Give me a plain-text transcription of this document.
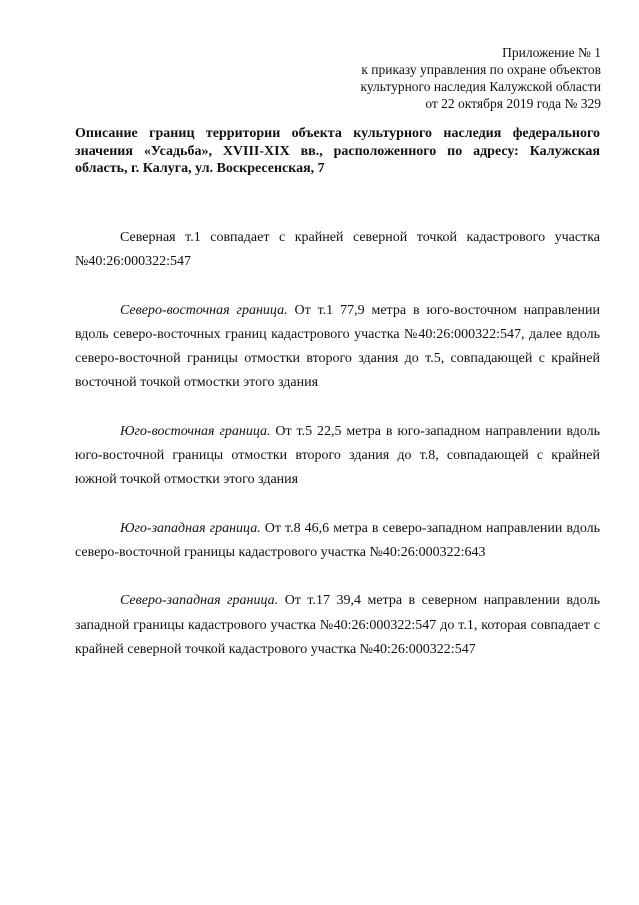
Приложение № 1
к приказу управления по охране объектов
культурного наследия Калужской области
от 22 октября 2019 года № 329
Описание границ территории объекта культурного наследия федерального значения «Усадьба», XVIII-XIX вв., расположенного по адресу: Калужская область, г. Калуга, ул. Воскресенская, 7

Северная т.1 совпадает с крайней северной точкой кадастрового участка №40:26:000322:547

Северо-восточная граница. От т.1 77,9 метра в юго-восточном направлении вдоль северо-восточных границ кадастрового участка №40:26:000322:547, далее вдоль северо-восточной границы отмостки второго здания до т.5, совпадающей с крайней восточной точкой отмостки этого здания

Юго-восточная граница. От т.5 22,5 метра в юго-западном направлении вдоль юго-восточной границы отмостки второго здания до т.8, совпадающей с крайней южной точкой отмостки этого здания

Юго-западная граница. От т.8 46,6 метра в северо-западном направлении вдоль северо-восточной границы кадастрового участка №40:26:000322:643

Северо-западная граница. От т.17 39,4 метра в северном направлении вдоль западной границы кадастрового участка №40:26:000322:547 до т.1, которая совпадает с крайней северной точкой кадастрового участка №40:26:000322:547
